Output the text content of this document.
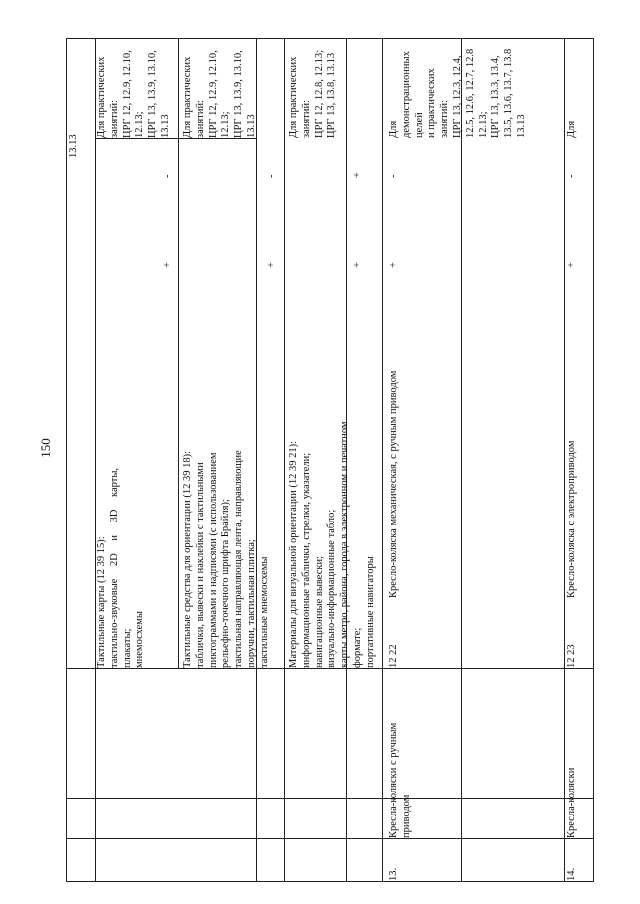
150
13.13
Тактильные карты (12 39 15): тактильно-звуковые 2D и 3D карты, плакаты; мнемосхемы
+
-
Для практических занятий: ЦРГ 12, 12.9, 12.10, 12.13; ЦРГ 13, 13.9, 13.10, 13.13
Тактильные средства для ориентации (12 39 18): таблички, вывески и наклейки с тактильными пиктограммами и надписями (с использованием рельефно-точечного шрифта Брайля); тактильная направляющая лента, направляющие поручни, тактильная плитка; тактильные мнемосхемы
+
-
Для практических занятий: ЦРГ 12, 12.9, 12.10, 12.13; ЦРГ 13, 13.9, 13.10, 13.13
Материалы для визуальной ориентации (12 39 21): информационные таблички, стрелки, указатели; навигационные вывески; визуально-информационные табло; карты метро, района, города в электронном и печатном формате; портативные навигаторы
+
+
Для практических занятий: ЦРГ 12, 12.8, 12.13; ЦРГ 13, 13.8, 13.13
13.
Кресла-коляски с ручным приводом
12 22
Кресло-коляска механическая, с ручным приводом
+
-
Для демонстрационных целей и практических занятий: ЦРГ 13, 12.3, 12.4, 12.5, 12.6, 12.7, 12.8 12.13; ЦРГ 13, 13.3, 13.4, 13.5, 13.6, 13.7, 13.8 13.13
14.
Кресла-коляски
12 23
Кресло-коляска с электроприводом
+
-
Для
